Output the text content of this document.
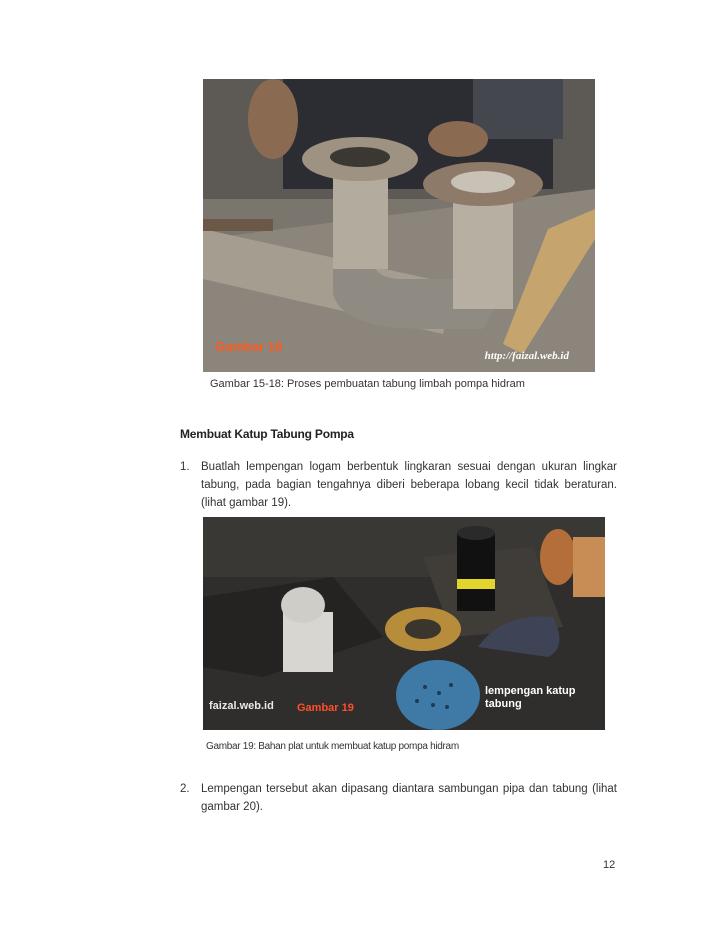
Gambar 18
http://faizal.web.id
Gambar 15-18: Proses pembuatan tabung limbah pompa hidram
Membuat Katup Tabung Pompa
1. Buatlah lempengan logam berbentuk lingkaran sesuai dengan ukuran lingkar tabung, pada bagian tengahnya diberi beberapa lobang kecil tidak beraturan. (lihat gambar 19).
faizal.web.id Gambar 19
lempengan katup tabung
Gambar 19: Bahan plat untuk membuat katup pompa hidram
2. Lempengan tersebut akan dipasang diantara sambungan pipa dan tabung (lihat gambar 20).
12
